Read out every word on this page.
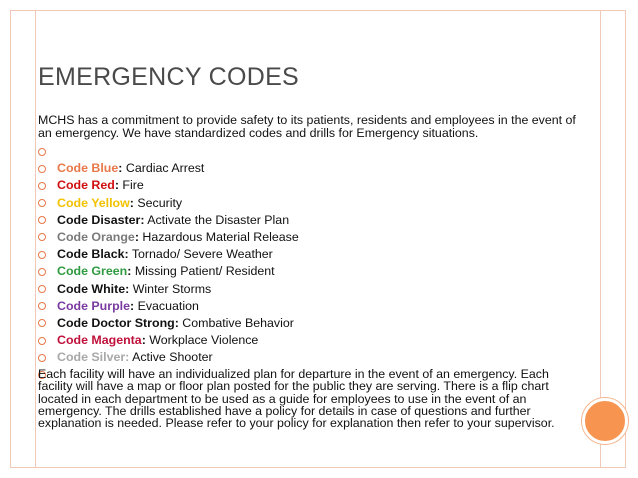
EMERGENCY CODES

MCHS has a commitment to provide safety to its patients, residents and employees in the event of an emergency. We have standardized codes and drills for Emergency situations.

Code Blue: Cardiac Arrest
Code Red: Fire
Code Yellow: Security
Code Disaster: Activate the Disaster Plan
Code Orange: Hazardous Material Release
Code Black: Tornado/ Severe Weather
Code Green: Missing Patient/ Resident
Code White: Winter Storms
Code Purple: Evacuation
Code Doctor Strong: Combative Behavior
Code Magenta: Workplace Violence
Code Silver: Active Shooter

Each facility will have an individualized plan for departure in the event of an emergency. Each facility will have a map or floor plan posted for the public they are serving. There is a flip chart located in each department to be used as a guide for employees to use in the event of an emergency. The drills established have a policy for details in case of questions and further explanation is needed. Please refer to your policy for explanation then refer to your supervisor.
